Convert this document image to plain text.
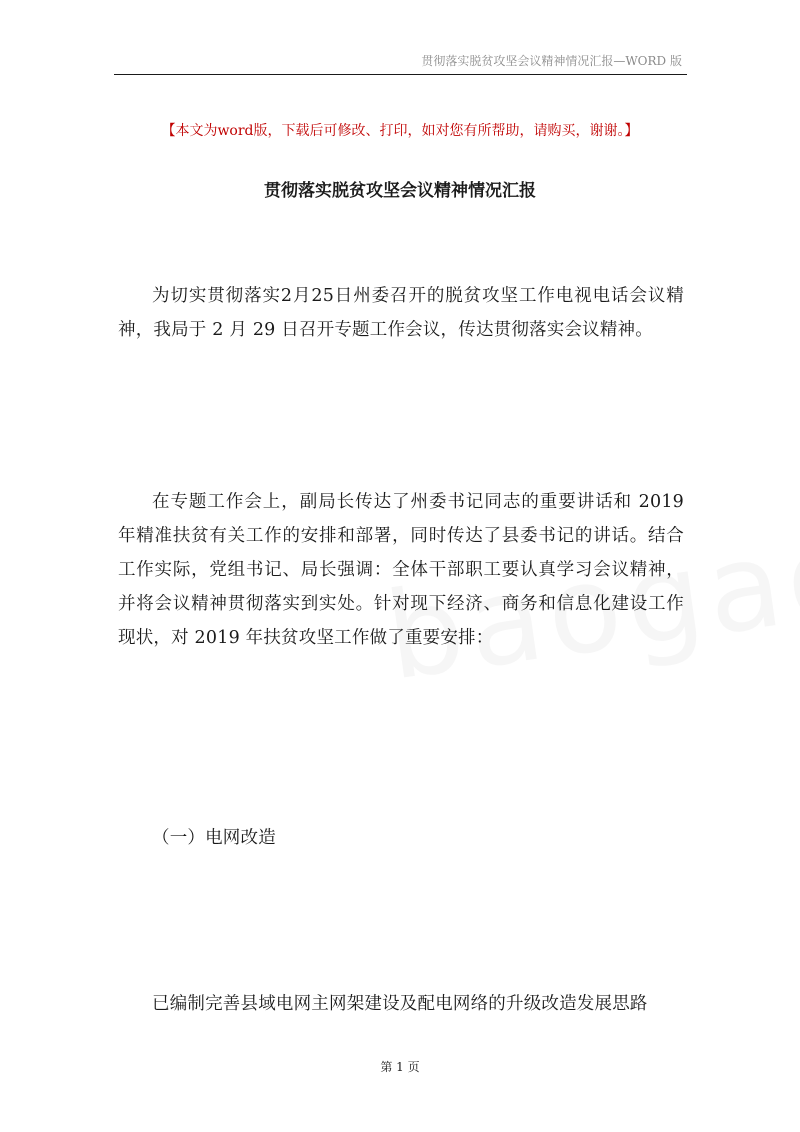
贯彻落实脱贫攻坚会议精神情况汇报—WORD 版
【本文为word版，下载后可修改、打印，如对您有所帮助，请购买，谢谢。】
贯彻落实脱贫攻坚会议精神情况汇报

为切实贯彻落实2月25日州委召开的脱贫攻坚工作电视电话会议精神，我局于 2 月 29 日召开专题工作会议，传达贯彻落实会议精神。

在专题工作会上，副局长传达了州委书记同志的重要讲话和 2019 年精准扶贫有关工作的安排和部署，同时传达了县委书记的讲话。结合工作实际，党组书记、局长强调：全体干部职工要认真学习会议精神，并将会议精神贯彻落实到实处。针对现下经济、商务和信息化建设工作现状，对 2019 年扶贫攻坚工作做了重要安排：

（一）电网改造

已编制完善县域电网主网架建设及配电网络的升级改造发展思路

第 1 页
